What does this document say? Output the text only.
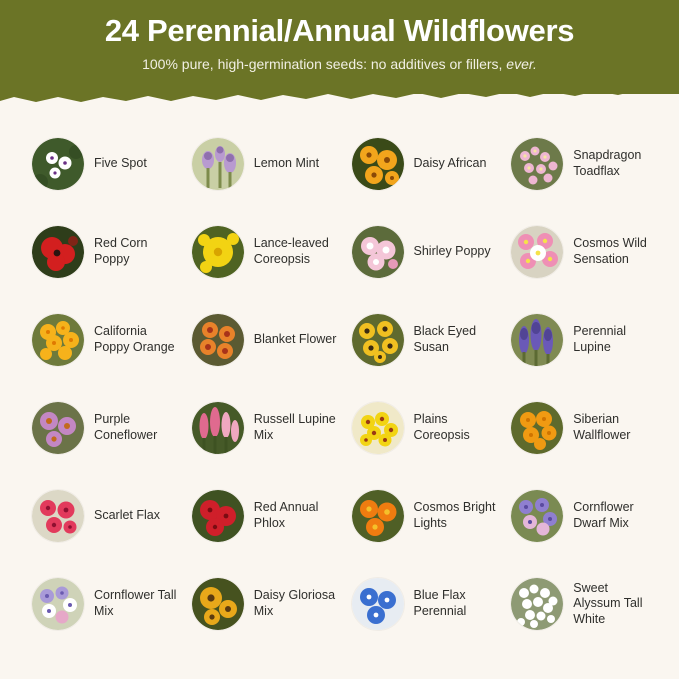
24 Perennial/Annual Wildflowers
100% pure, high-germination seeds: no additives or fillers, ever.
Five Spot	Lemon Mint	Daisy African
Snapdragon Toadflax
Red Corn Poppy
Lance-leaved Coreopsis
Shirley Poppy
Cosmos Wild Sensation
California Poppy Orange
Blanket Flower
Black Eyed Susan
Perennial Lupine
Purple Coneflower
Russell Lupine Mix
Plains Coreopsis
Siberian Wallflower
Scarlet Flax
Red Annual Phlox
Cosmos Bright Lights
Cornflower Dwarf Mix
Cornflower Tall Mix
Daisy Gloriosa Mix
Blue Flax Perennial
Sweet Alyssum Tall White
